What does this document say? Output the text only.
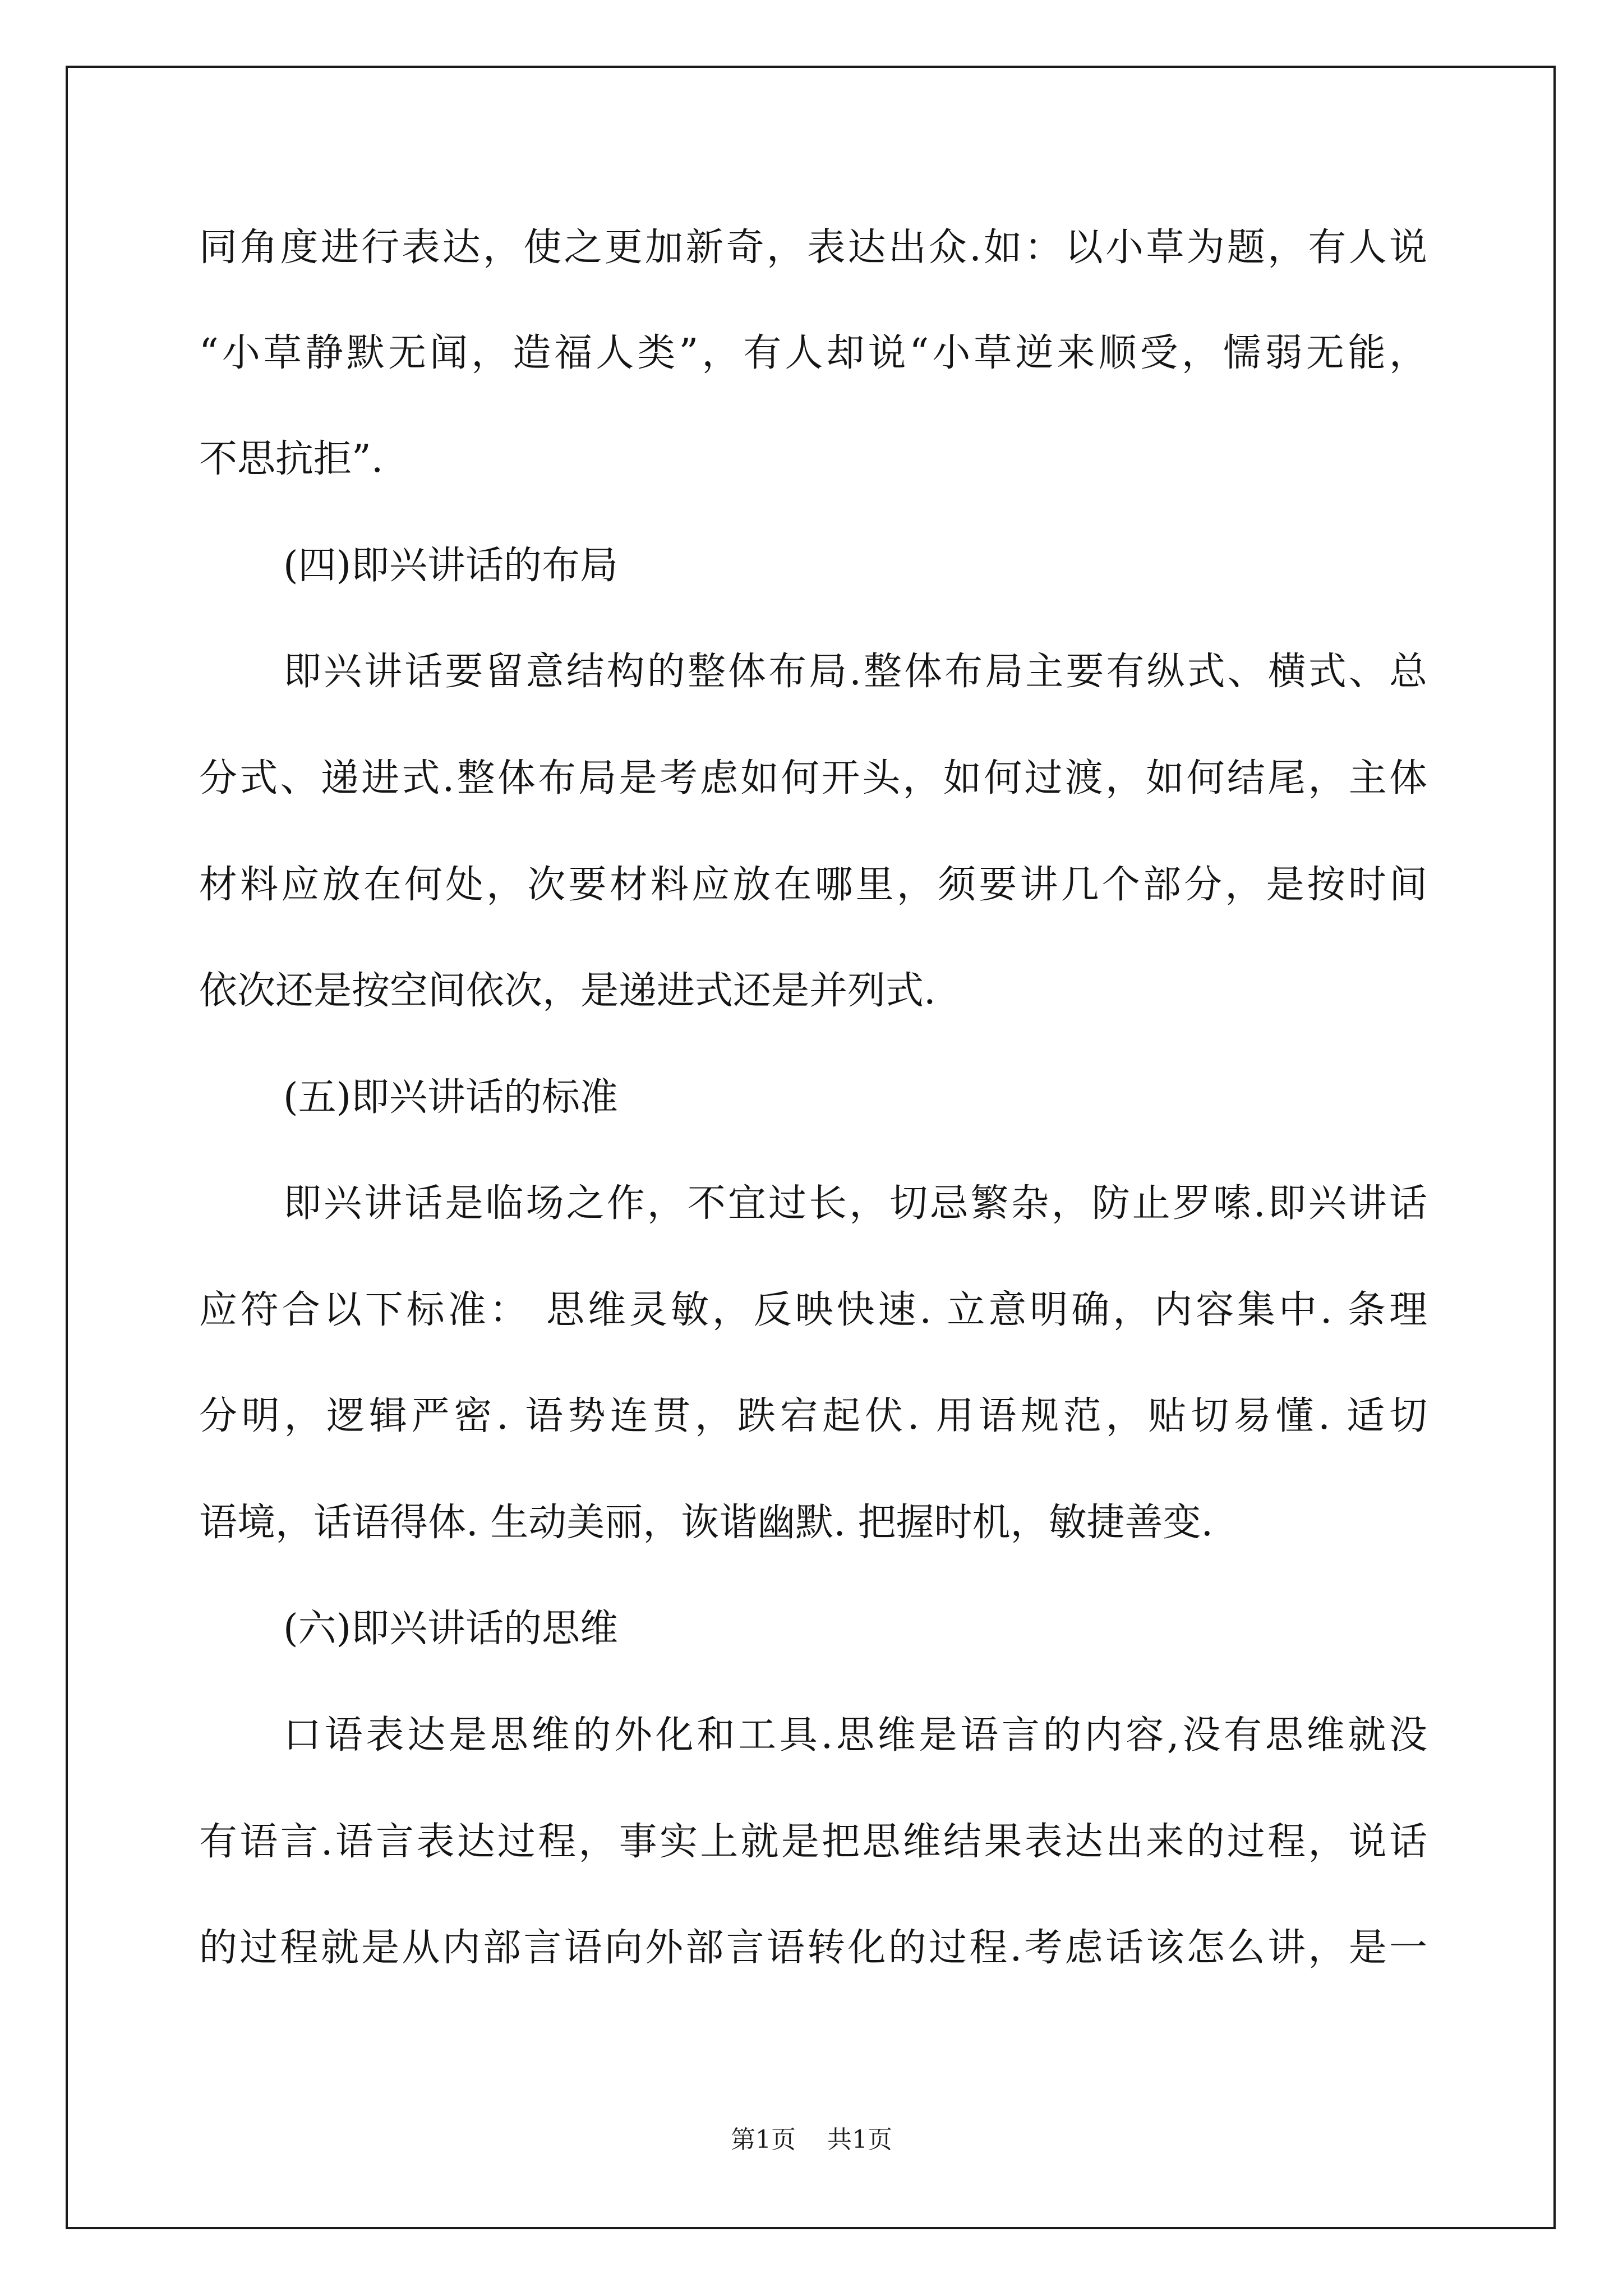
同角度进行表达，使之更加新奇，表达出众.如：以小草为题，有人说
“小草静默无闻，造福人类”，有人却说“小草逆来顺受，懦弱无能，
不思抗拒”.
(四)即兴讲话的布局
即兴讲话要留意结构的整体布局.整体布局主要有纵式、横式、总
分式、递进式.整体布局是考虑如何开头，如何过渡，如何结尾，主体
材料应放在何处，次要材料应放在哪里，须要讲几个部分，是按时间
依次还是按空间依次，是递进式还是并列式.
(五)即兴讲话的标准
即兴讲话是临场之作，不宜过长，切忌繁杂，防止罗嗦.即兴讲话
应符合以下标准： 思维灵敏，反映快速. 立意明确，内容集中. 条理
分明，逻辑严密. 语势连贯，跌宕起伏. 用语规范，贴切易懂. 适切
语境，话语得体. 生动美丽，诙谐幽默. 把握时机，敏捷善变.
(六)即兴讲话的思维
口语表达是思维的外化和工具.思维是语言的内容,没有思维就没
有语言.语言表达过程，事实上就是把思维结果表达出来的过程，说话
的过程就是从内部言语向外部言语转化的过程.考虑话该怎么讲，是一
第1页    共1页
